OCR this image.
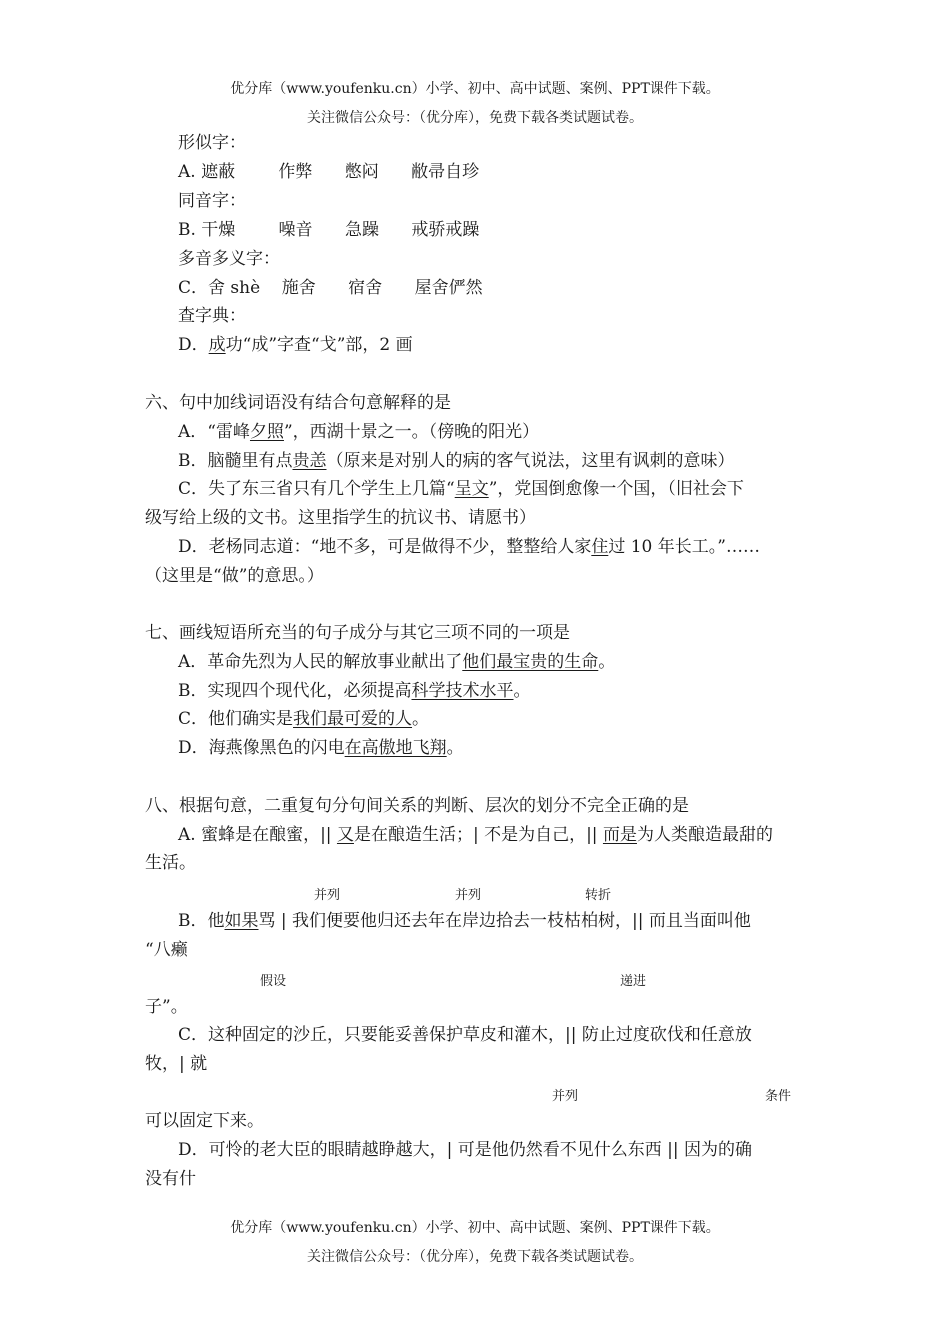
优分库（www.youfenku.cn）小学、初中、高中试题、案例、PPT课件下载。
关注微信公众号：（优分库），免费下载各类试题试卷。
形似字：
A. 遮蔽        作弊      憋闷      敝帚自珍
同音字：
B. 干燥        噪音      急躁      戒骄戒躁
多音多义字：
C．舍 shè    施舍      宿舍      屋舍俨然
查字典：
D．成功“成”字查“戈”部，2 画
六、句中加线词语没有结合句意解释的是
A．“雷峰夕照”，西湖十景之一。（傍晚的阳光）
B．脑髓里有点贵恙（原来是对别人的病的客气说法，这里有讽刺的意味）
C．失了东三省只有几个学生上几篇“呈文”，党国倒愈像一个国，（旧社会下
级写给上级的文书。这里指学生的抗议书、请愿书）
D．老杨同志道：“地不多，可是做得不少，整整给人家住过 10 年长工。”……
（这里是“做”的意思。）
七、画线短语所充当的句子成分与其它三项不同的一项是
A．革命先烈为人民的解放事业献出了他们最宝贵的生命。
B．实现四个现代化，必须提高科学技术水平。
C．他们确实是我们最可爱的人。
D．海燕像黑色的闪电在高傲地飞翔。
八、根据句意，二重复句分句间关系的判断、层次的划分不完全正确的是
A. 蜜蜂是在酿蜜，|| 又是在酿造生活；| 不是为自己，|| 而是为人类酿造最甜的
生活。
并列	并列	转折
B．他如果骂 | 我们便要他归还去年在岸边拾去一枝枯柏树，|| 而且当面叫他
“八癞
假设	递进
子”。
C．这种固定的沙丘，只要能妥善保护草皮和灌木，|| 防止过度砍伐和任意放
牧，| 就
并列	条件
可以固定下来。
D．可怜的老大臣的眼睛越睁越大，| 可是他仍然看不见什么东西 || 因为的确
没有什
优分库（www.youfenku.cn）小学、初中、高中试题、案例、PPT课件下载。
关注微信公众号：（优分库），免费下载各类试题试卷。
